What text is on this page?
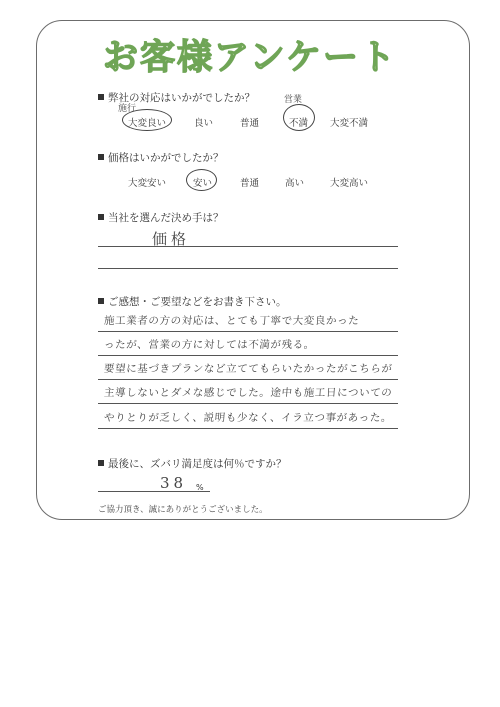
お客様アンケート
弊社の対応はいかがでしたか？
施行
営業
大変良い	良い	普通	不満 大変不満
価格はいかがでしたか？
大変安い	安い	普通	高い	大変高い
当社を選んだ決め手は？
価格
ご感想・ご要望などをお書き下さい。
施工業者の方の対応は、とても丁寧で大変良かった
ったが、営業の方に対しては不満が残る。
要望に基づきプランなど立ててもらいたかったがこちらが
主導しないとダメな感じでした。途中も施工日についての
やりとりが乏しく、説明も少なく、イラ立つ事があった。
最後に、ズバリ満足度は何％ですか？
38 %
ご協力頂き、誠にありがとうございました。
